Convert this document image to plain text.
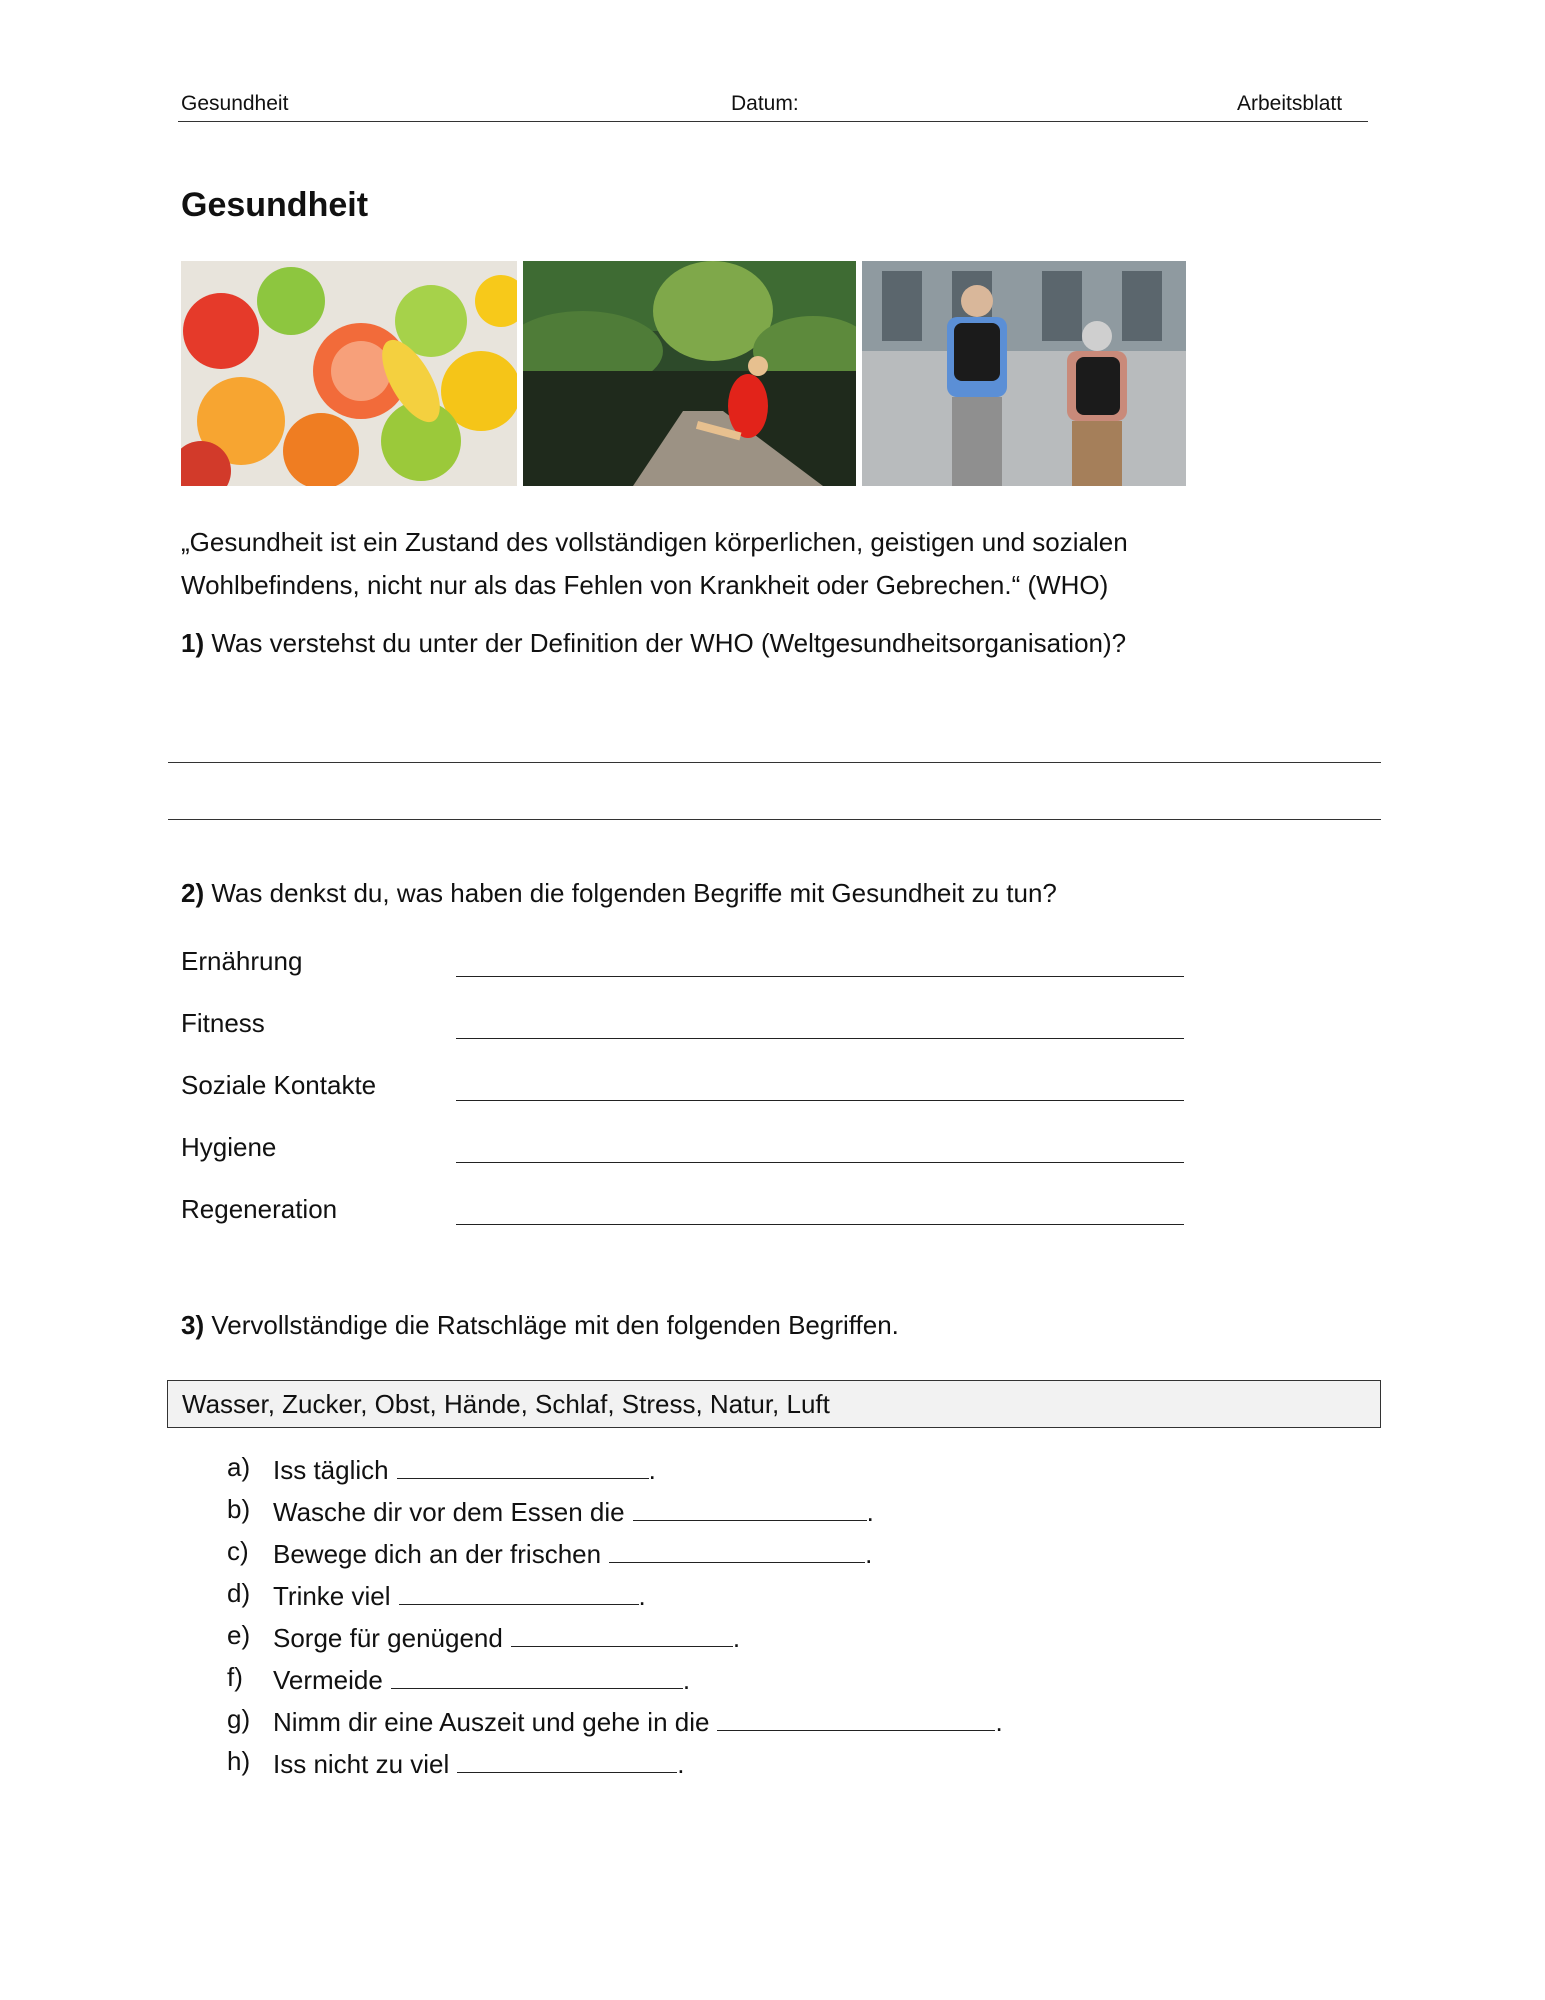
Gesundheit	Datum:	Arbeitsblatt
Gesundheit
„Gesundheit ist ein Zustand des vollständigen körperlichen, geistigen und sozialen
Wohlbefindens, nicht nur als das Fehlen von Krankheit oder Gebrechen.“ (WHO)
1) Was verstehst du unter der Definition der WHO (Weltgesundheitsorganisation)?
2) Was denkst du, was haben die folgenden Begriffe mit Gesundheit zu tun?
Ernährung
Fitness
Soziale Kontakte
Hygiene
Regeneration
3) Vervollständige die Ratschläge mit den folgenden Begriffen.
Wasser, Zucker, Obst, Hände, Schlaf, Stress, Natur, Luft
a) Iss täglich	.
b) Wasche dir vor dem Essen die	.
c) Bewege dich an der frischen	.
d) Trinke viel	.
e) Sorge für genügend	.
f) Vermeide	.
g) Nimm dir eine Auszeit und gehe in die	.
h) Iss nicht zu viel	.
